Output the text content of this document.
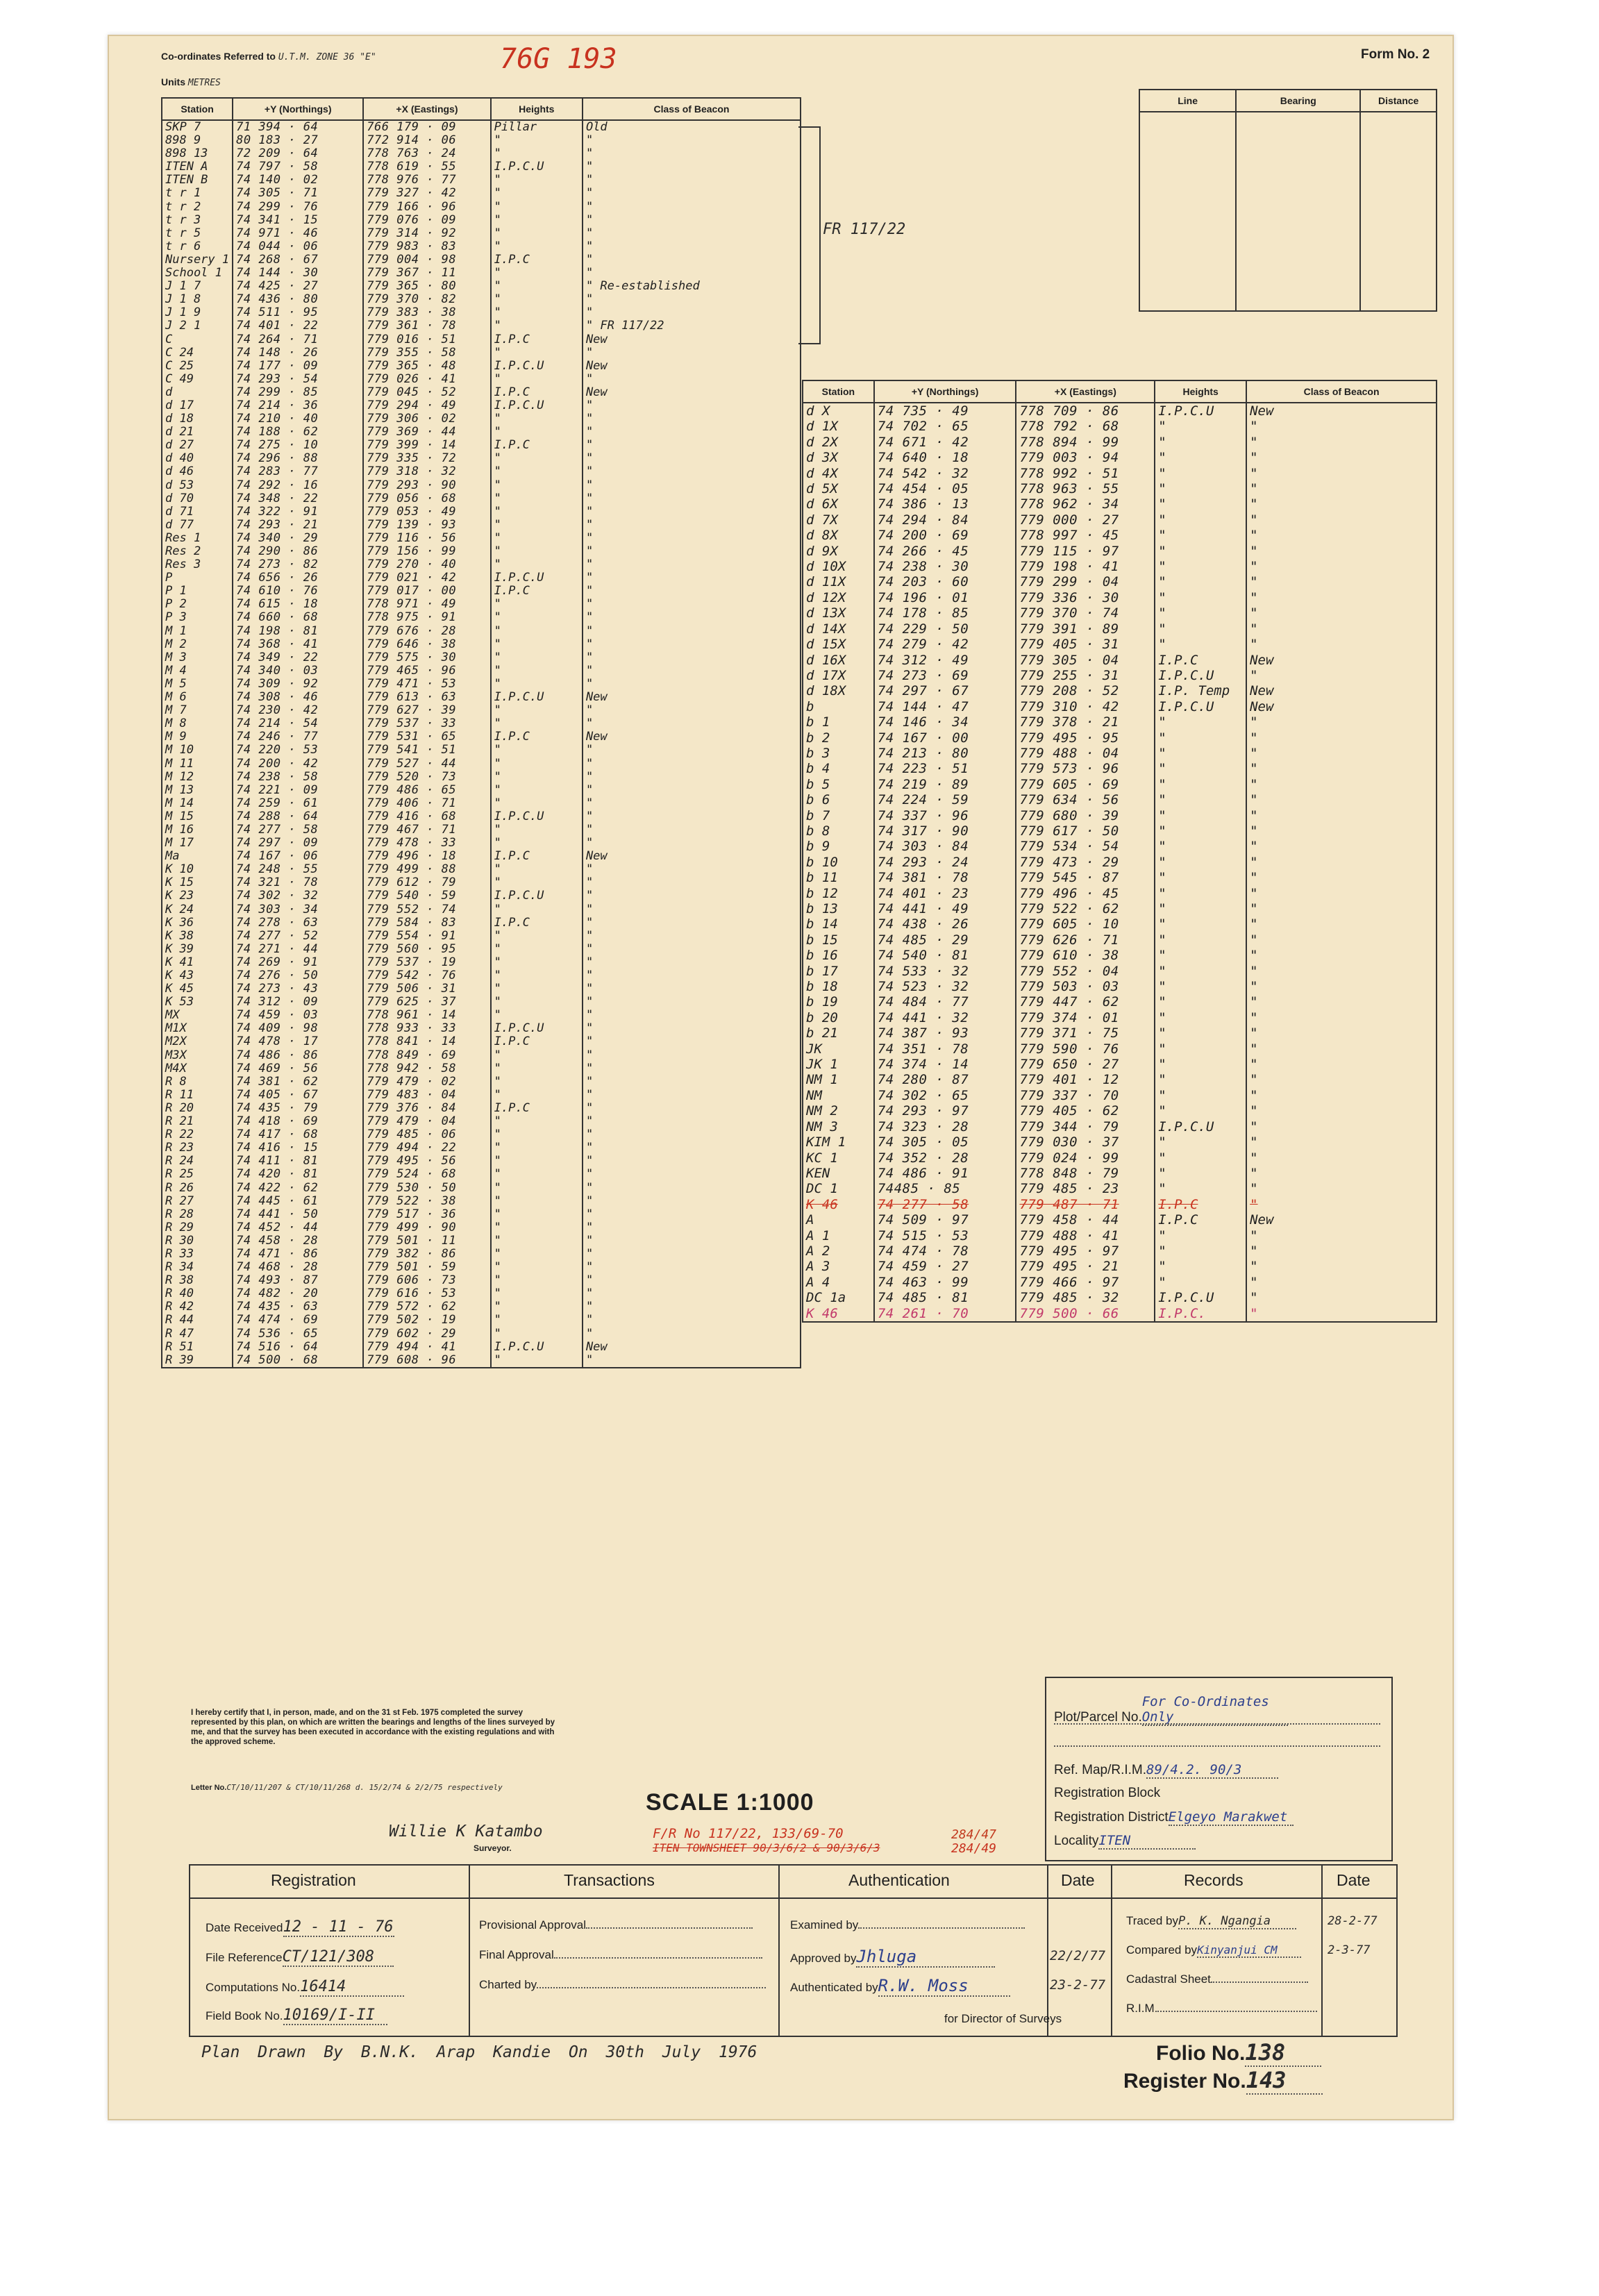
Co-ordinates Referred to U.T.M. ZONE 36 "E"
Units METRES
76G 193	Form No. 2
Station	+Y (Northings)	+X (Eastings)	Heights	Class of Beacon
SKP 7	71 394 · 64	766 179 · 09	Pillar	Old
898 9	80 183 · 27	772 914 · 06	"	"
898 13	72 209 · 64	778 763 · 24	"	"
ITEN A	74 797 · 58	778 619 · 55	I.P.C.U	"
ITEN B	74 140 · 02	778 976 · 77	"	"
t r 1	74 305 · 71	779 327 · 42	"	"
t r 2	74 299 · 76	779 166 · 96	"	"
t r 3	74 341 · 15	779 076 · 09	"	"
t r 5	74 971 · 46	779 314 · 92	"	"
t r 6	74 044 · 06	779 983 · 83	"	"
Nursery 1	74 268 · 67	779 004 · 98	I.P.C	"
School 1	74 144 · 30	779 367 · 11	"	"
J 1 7	74 425 · 27	779 365 · 80	"	" Re-established
J 1 8	74 436 · 80	779 370 · 82	"	"
J 1 9	74 511 · 95	779 383 · 38	"	"
J 2 1	74 401 · 22	779 361 · 78	"	" FR 117/22
C	74 264 · 71	779 016 · 51	I.P.C	New
C 24	74 148 · 26	779 355 · 58	"	"
C 25	74 177 · 09	779 365 · 48	I.P.C.U	New
C 49	74 293 · 54	779 026 · 41	"	"
d	74 299 · 85	779 045 · 52	I.P.C	New
d 17	74 214 · 36	779 294 · 49	I.P.C.U	"
d 18	74 210 · 40	779 306 · 02	"	"
d 21	74 188 · 62	779 369 · 44	"	"
d 27	74 275 · 10	779 399 · 14	I.P.C	"
d 40	74 296 · 88	779 335 · 72	"	"
d 46	74 283 · 77	779 318 · 32	"	"
d 53	74 292 · 16	779 293 · 90	"	"
d 70	74 348 · 22	779 056 · 68	"	"
d 71	74 322 · 91	779 053 · 49	"	"
d 77	74 293 · 21	779 139 · 93	"	"
Res 1	74 340 · 29	779 116 · 56	"	"
Res 2	74 290 · 86	779 156 · 99	"	"
Res 3	74 273 · 82	779 270 · 40	"	"
P	74 656 · 26	779 021 · 42	I.P.C.U	"
P 1	74 610 · 76	779 017 · 00	I.P.C	"
P 2	74 615 · 18	778 971 · 49	"	"
P 3	74 660 · 68	778 975 · 91	"	"
M 1	74 198 · 81	779 676 · 28	"	"
M 2	74 368 · 41	779 646 · 38	"	"
M 3	74 349 · 22	779 575 · 30	"	"
M 4	74 340 · 03	779 465 · 96	"	"
M 5	74 309 · 92	779 471 · 53	"	"
M 6	74 308 · 46	779 613 · 63	I.P.C.U	New
M 7	74 230 · 42	779 627 · 39	"	"
M 8	74 214 · 54	779 537 · 33	"	"
M 9	74 246 · 77	779 531 · 65	I.P.C	New
M 10	74 220 · 53	779 541 · 51	"	"
M 11	74 200 · 42	779 527 · 44	"	"
M 12	74 238 · 58	779 520 · 73	"	"
M 13	74 221 · 09	779 486 · 65	"	"
M 14	74 259 · 61	779 406 · 71	"	"
M 15	74 288 · 64	779 416 · 68	I.P.C.U	"
M 16	74 277 · 58	779 467 · 71	"	"
M 17	74 297 · 09	779 478 · 33	"	"
Ma	74 167 · 06	779 496 · 18	I.P.C	New
K 10	74 248 · 55	779 499 · 88	"	"
K 15	74 321 · 78	779 612 · 79	"	"
K 23	74 302 · 32	779 540 · 59	I.P.C.U	"
K 24	74 303 · 34	779 552 · 74	"	"
K 36	74 278 · 63	779 584 · 83	I.P.C	"
K 38	74 277 · 52	779 554 · 91	"	"
K 39	74 271 · 44	779 560 · 95	"	"
K 41	74 269 · 91	779 537 · 19	"	"
K 43	74 276 · 50	779 542 · 76	"	"
K 45	74 273 · 43	779 506 · 31	"	"
K 53	74 312 · 09	779 625 · 37	"	"
MX	74 459 · 03	778 961 · 14	"	"
M1X	74 409 · 98	778 933 · 33	I.P.C.U	"
M2X	74 478 · 17	778 841 · 14	I.P.C	"
M3X	74 486 · 86	778 849 · 69	"	"
M4X	74 469 · 56	778 942 · 58	"	"
R 8	74 381 · 62	779 479 · 02	"	"
R 11	74 405 · 67	779 483 · 04	"	"
R 20	74 435 · 79	779 376 · 84	I.P.C	"
R 21	74 418 · 69	779 479 · 04	"	"
R 22	74 417 · 68	779 485 · 06	"	"
R 23	74 416 · 15	779 494 · 22	"	"
R 24	74 411 · 81	779 495 · 56	"	"
R 25	74 420 · 81	779 524 · 68	"	"
R 26	74 422 · 62	779 530 · 50	"	"
R 27	74 445 · 61	779 522 · 38	"	"
R 28	74 441 · 50	779 517 · 36	"	"
R 29	74 452 · 44	779 499 · 90	"	"
R 30	74 458 · 28	779 501 · 11	"	"
R 33	74 471 · 86	779 382 · 86	"	"
R 34	74 468 · 28	779 501 · 59	"	"
R 38	74 493 · 87	779 606 · 73	"	"
R 40	74 482 · 20	779 616 · 53	"	"
R 42	74 435 · 63	779 572 · 62	"	"
R 44	74 474 · 69	779 502 · 19	"	"
R 47	74 536 · 65	779 602 · 29	"	"
R 51	74 516 · 64	779 494 · 41	I.P.C.U	New
R 39	74 500 · 68	779 608 · 96	"	"
FR 117/22
Line	Bearing	Distance

Station	+Y (Northings)	+X (Eastings)	Heights	Class of Beacon
d X	74 735 · 49	778 709 · 86	I.P.C.U	New
d 1X	74 702 · 65	778 792 · 68	"	"
d 2X	74 671 · 42	778 894 · 99	"	"
d 3X	74 640 · 18	779 003 · 94	"	"
d 4X	74 542 · 32	778 992 · 51	"	"
d 5X	74 454 · 05	778 963 · 55	"	"
d 6X	74 386 · 13	778 962 · 34	"	"
d 7X	74 294 · 84	779 000 · 27	"	"
d 8X	74 200 · 69	778 997 · 45	"	"
d 9X	74 266 · 45	779 115 · 97	"	"
d 10X	74 238 · 30	779 198 · 41	"	"
d 11X	74 203 · 60	779 299 · 04	"	"
d 12X	74 196 · 01	779 336 · 30	"	"
d 13X	74 178 · 85	779 370 · 74	"	"
d 14X	74 229 · 50	779 391 · 89	"	"
d 15X	74 279 · 42	779 405 · 31	"	"
d 16X	74 312 · 49	779 305 · 04	I.P.C	New
d 17X	74 273 · 69	779 255 · 31	I.P.C.U	"
d 18X	74 297 · 67	779 208 · 52	I.P. Temp	New
b	74 144 · 47	779 310 · 42	I.P.C.U	New
b 1	74 146 · 34	779 378 · 21	"	"
b 2	74 167 · 00	779 495 · 95	"	"
b 3	74 213 · 80	779 488 · 04	"	"
b 4	74 223 · 51	779 573 · 96	"	"
b 5	74 219 · 89	779 605 · 69	"	"
b 6	74 224 · 59	779 634 · 56	"	"
b 7	74 337 · 96	779 680 · 39	"	"
b 8	74 317 · 90	779 617 · 50	"	"
b 9	74 303 · 84	779 534 · 54	"	"
b 10	74 293 · 24	779 473 · 29	"	"
b 11	74 381 · 78	779 545 · 87	"	"
b 12	74 401 · 23	779 496 · 45	"	"
b 13	74 441 · 49	779 522 · 62	"	"
b 14	74 438 · 26	779 605 · 10	"	"
b 15	74 485 · 29	779 626 · 71	"	"
b 16	74 540 · 81	779 610 · 38	"	"
b 17	74 533 · 32	779 552 · 04	"	"
b 18	74 523 · 32	779 503 · 03	"	"
b 19	74 484 · 77	779 447 · 62	"	"
b 20	74 441 · 32	779 374 · 01	"	"
b 21	74 387 · 93	779 371 · 75	"	"
JK	74 351 · 78	779 590 · 76	"	"
JK 1	74 374 · 14	779 650 · 27	"	"
NM 1	74 280 · 87	779 401 · 12	"	"
NM	74 302 · 65	779 337 · 70	"	"
NM 2	74 293 · 97	779 405 · 62	"	"
NM 3	74 323 · 28	779 344 · 79	I.P.C.U	"
KIM 1	74 305 · 05	779 030 · 37	"	"
KC 1	74 352 · 28	779 024 · 99	"	"
KEN	74 486 · 91	778 848 · 79	"	"
DC 1	74485 · 85	779 485 · 23	"	"
K 46	74 277 · 58	779 487 · 71	I.P.C	"
A	74 509 · 97	779 458 · 44	I.P.C	New
A 1	74 515 · 53	779 488 · 41	"	"
A 2	74 474 · 78	779 495 · 97	"	"
A 3	74 459 · 27	779 495 · 21	"	"
A 4	74 463 · 99	779 466 · 97	"	"
DC 1a	74 485 · 81	779 485 · 32	I.P.C.U	"
K 46	74 261 · 70	779 500 · 66	I.P.C.	"
Plot/Parcel No.For Co-Ordinates Only
Ref. Map/R.I.M.89/4.2. 90/3
Registration Block
Registration DistrictElgeyo Marakwet
LocalityITEN
I hereby certify that I, in person, made, and on the 31 st Feb. 1975 completed the survey represented by this plan, on which are written the bearings and lengths of the lines surveyed by me, and that the survey has been executed in accordance with the existing regulations and with the approved scheme.
Letter No.CT/10/11/207 & CT/10/11/268 d. 15/2/74 & 2/2/75 respectively
Willie K Katambo
Surveyor.
SCALE 1:1000
F/R No 117/22, 133/69-70
ITEN TOWNSHEET 90/3/6/2 & 90/3/6/3
284/47
284/49
Registration	Transactions	Authentication	Date	Records	Date
Date Received12 - 11 - 76
File ReferenceCT/121/308
Computations No.16414
Field Book No.10169/I-II
Provisional Approval
Final Approval
Charted by
Examined by
Approved byJhluga	22/2/77
Authenticated byR.W. Moss	23-2-77
for Director of Surveys
Traced byP. K. Ngangia	28-2-77
Compared byKinyanjui CM	2-3-77
Cadastral Sheet
R.I.M.
Plan Drawn By B.N.K. Arap Kandie On 30th July 1976	Folio No.138
Register No.143
